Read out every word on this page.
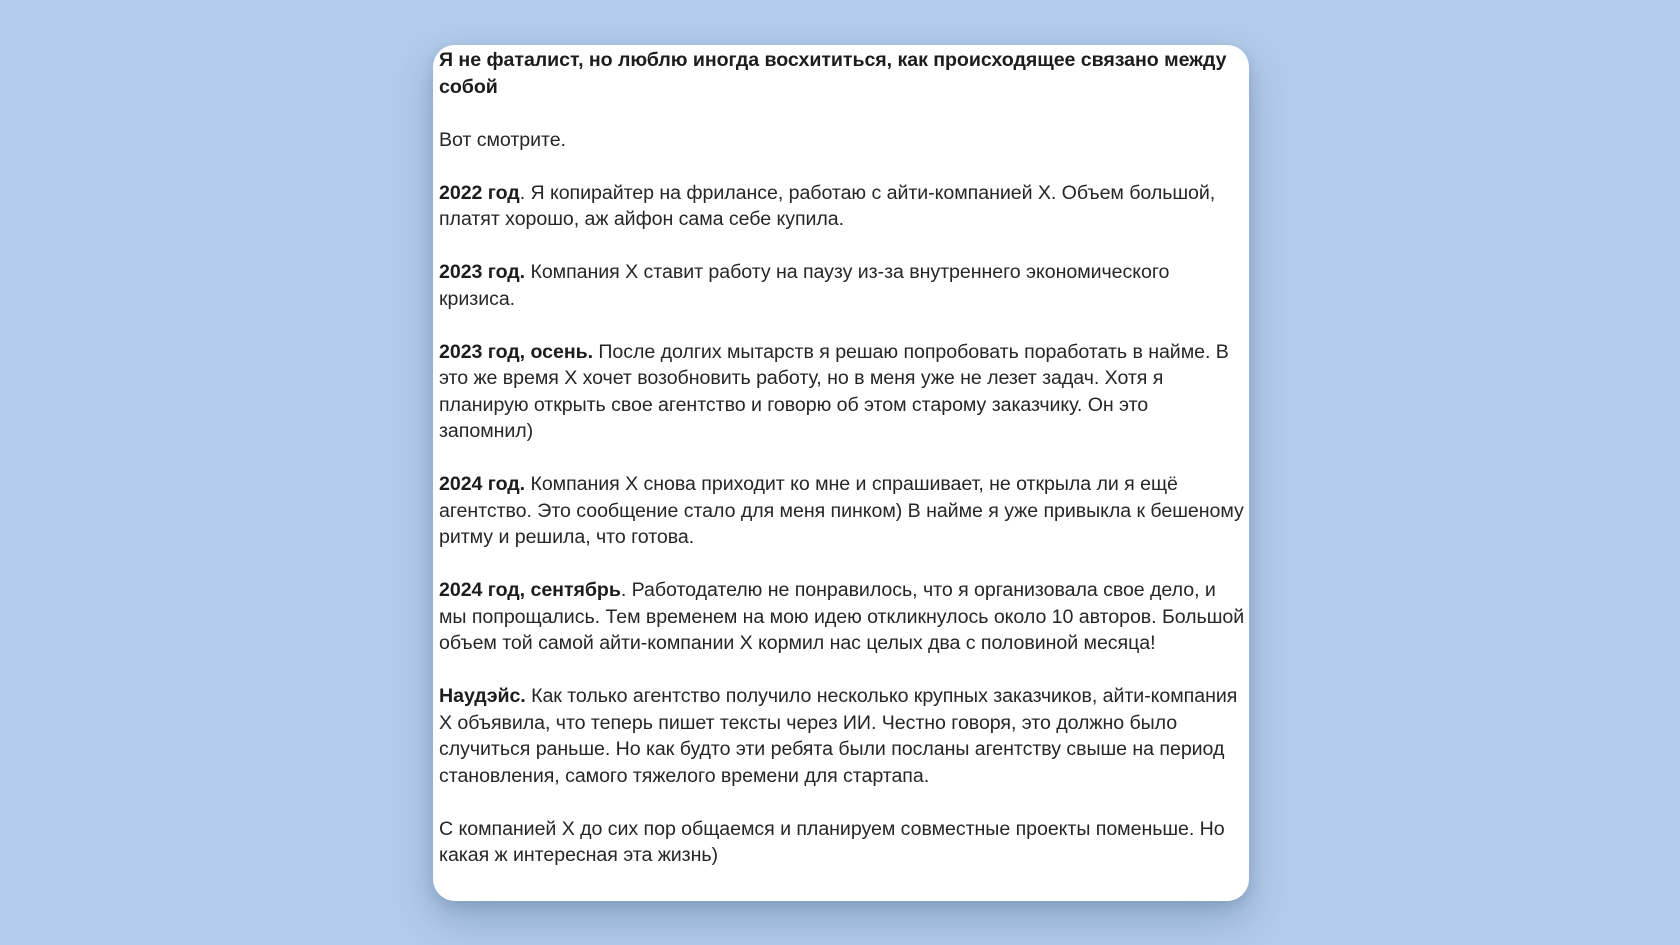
Я не фаталист, но люблю иногда восхититься, как происходящее связано между собой

Вот смотрите.

2022 год. Я копирайтер на фрилансе, работаю с айти-компанией Х. Объем большой, платят хорошо, аж айфон сама себе купила.

2023 год. Компания Х ставит работу на паузу из-за внутреннего экономического кризиса.

2023 год, осень. После долгих мытарств я решаю попробовать поработать в найме. В это же время Х хочет возобновить работу, но в меня уже не лезет задач. Хотя я планирую открыть свое агентство и говорю об этом старому заказчику. Он это запомнил)

2024 год. Компания Х снова приходит ко мне и спрашивает, не открыла ли я ещё агентство. Это сообщение стало для меня пинком) В найме я уже привыкла к бешеному ритму и решила, что готова.

2024 год, сентябрь. Работодателю не понравилось, что я организовала свое дело, и мы попрощались. Тем временем на мою идею откликнулось около 10 авторов. Большой объем той самой айти-компании Х кормил нас целых два с половиной месяца!

Наудэйс. Как только агентство получило несколько крупных заказчиков, айти-компания Х объявила, что теперь пишет тексты через ИИ. Честно говоря, это должно было случиться раньше. Но как будто эти ребята были посланы агентству свыше на период становления, самого тяжелого времени для стартапа.

С компанией Х до сих пор общаемся и планируем совместные проекты поменьше. Но какая ж интересная эта жизнь)
